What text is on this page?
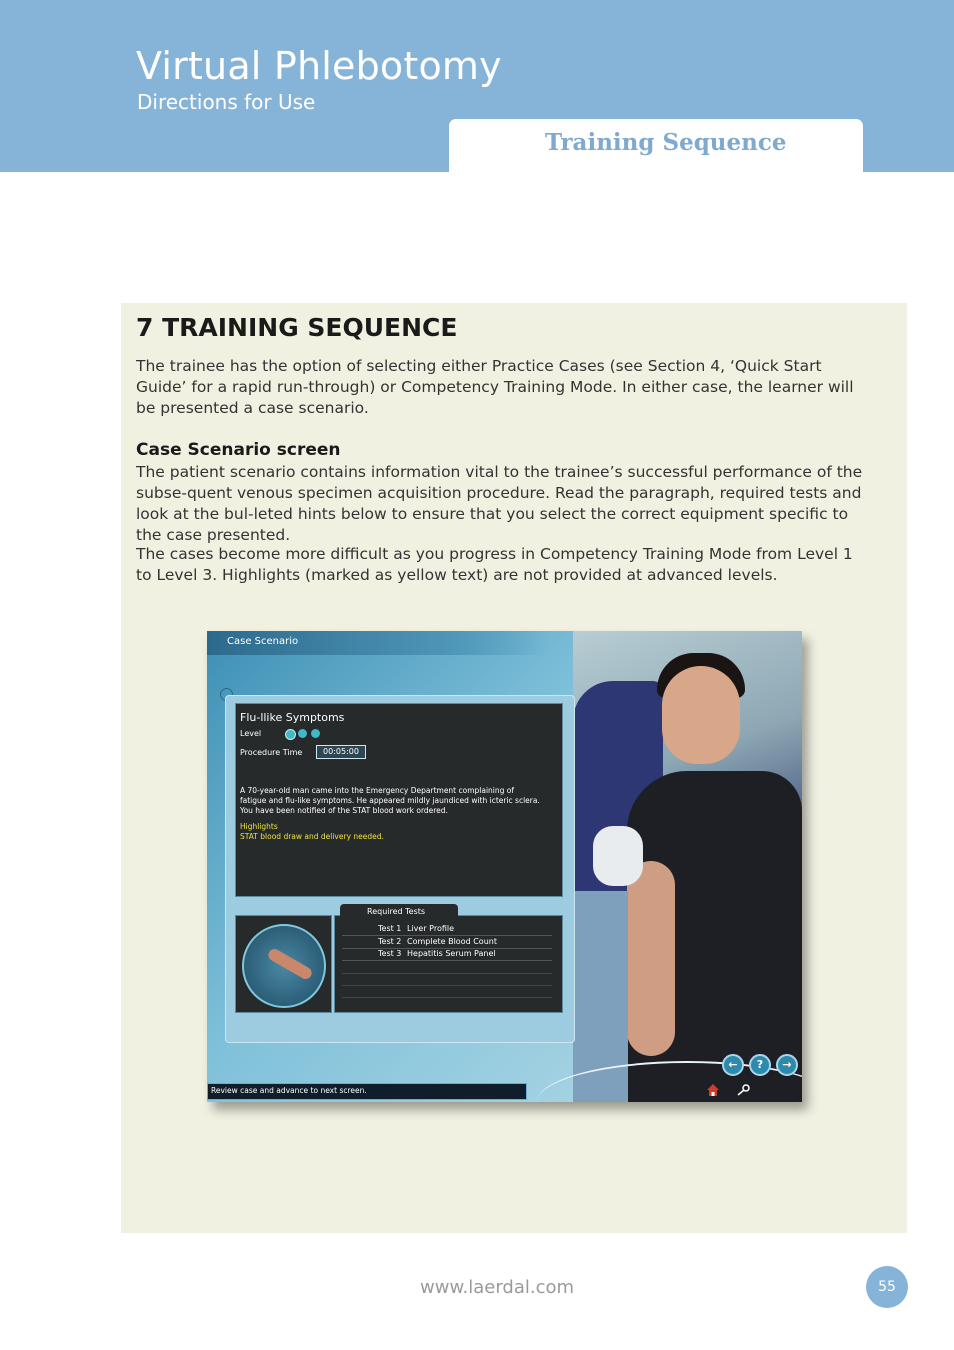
Virtual Phlebotomy
Directions for Use
Training Sequence
7 TRAINING SEQUENCE

The trainee has the option of selecting either Practice Cases (see Section 4, ‘Quick Start Guide’ for a rapid run-through) or Competency Training Mode. In either case, the learner will be presented a case scenario.

Case Scenario screen

The patient scenario contains information vital to the trainee’s successful performance of the subse-quent venous specimen acquisition procedure. Read the paragraph, required tests and look at the bul-leted hints below to ensure that you select the correct equipment specific to the case presented.

The cases become more difficult as you progress in Competency Training Mode from Level 1 to Level 3. Highlights (marked as yellow text) are not provided at advanced levels.

Case Scenario
Flu-llike Symptoms
Level
Procedure Time	00:05:00

A 70-year-old man came into the Emergency Department complaining of fatigue and flu-like symptoms. He appeared mildly jaundiced with icteric sclera. You have been notified of the STAT blood work ordered.

Highlights
STAT blood draw and delivery needed.
Required Tests
Test 1 Liver Profile
Test 2 Complete Blood Count
Test 3 Hepatitis Serum Panel
←	?	→
Review case and advance to next screen.
www.laerdal.com	55
